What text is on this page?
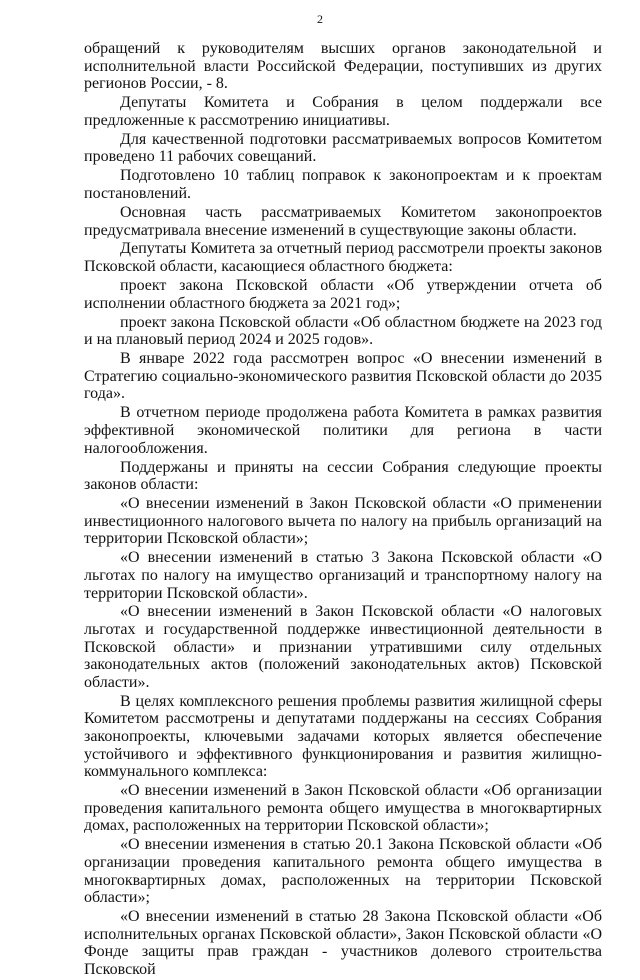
2

обращений к руководителям высших органов законодательной и исполнительной власти Российской Федерации, поступивших из других регионов России, - 8.

Депутаты Комитета и Собрания в целом поддержали все предложенные к рассмотрению инициативы.

Для качественной подготовки рассматриваемых вопросов Комитетом проведено 11 рабочих совещаний.

Подготовлено 10 таблиц поправок к законопроектам и к проектам постановлений.

Основная часть рассматриваемых Комитетом законопроектов предусматривала внесение изменений в существующие законы области.

Депутаты Комитета за отчетный период рассмотрели проекты законов Псковской области, касающиеся областного бюджета:

проект закона Псковской области «Об утверждении отчета об исполнении областного бюджета за 2021 год»;

проект закона Псковской области «Об областном бюджете на 2023 год и на плановый период 2024 и 2025 годов».

В январе 2022 года рассмотрен вопрос «О внесении изменений в Стратегию социально-экономического развития Псковской области до 2035 года».

В отчетном периоде продолжена работа Комитета в рамках развития эффективной экономической политики для региона в части налогообложения.

Поддержаны и приняты на сессии Собрания следующие проекты законов области:

«О внесении изменений в Закон Псковской области «О применении инвестиционного налогового вычета по налогу на прибыль организаций на территории Псковской области»;

«О внесении изменений в статью 3 Закона Псковской области «О льготах по налогу на имущество организаций и транспортному налогу на территории Псковской области».

«О внесении изменений в Закон Псковской области «О налоговых льготах и государственной поддержке инвестиционной деятельности в Псковской области» и признании утратившими силу отдельных законодательных актов (положений законодательных актов) Псковской области».

В целях комплексного решения проблемы развития жилищной сферы Комитетом рассмотрены и депутатами поддержаны на сессиях Собрания законопроекты, ключевыми задачами которых является обеспечение устойчивого и эффективного функционирования и развития жилищно-коммунального комплекса:

«О внесении изменений в Закон Псковской области «Об организации проведения капитального ремонта общего имущества в многоквартирных домах, расположенных на территории Псковской области»;

«О внесении изменения в статью 20.1 Закона Псковской области «Об организации проведения капитального ремонта общего имущества в многоквартирных домах, расположенных на территории Псковской области»;

«О внесении изменений в статью 28 Закона Псковской области «Об исполнительных органах Псковской области», Закон Псковской области «О Фонде защиты прав граждан - участников долевого строительства Псковской
